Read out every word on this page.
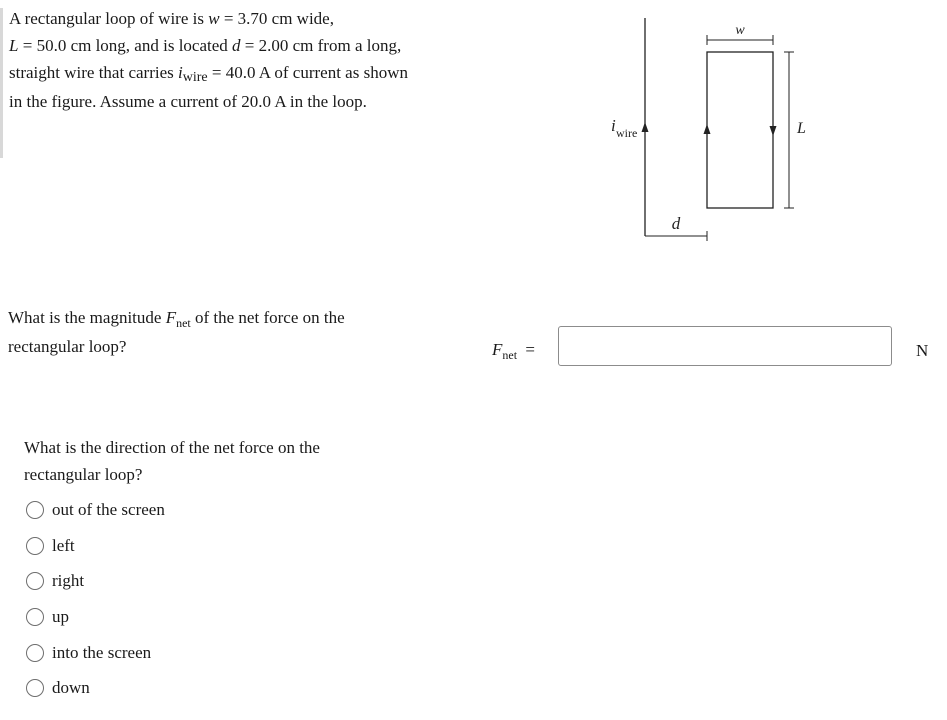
A rectangular loop of wire is w = 3.70 cm wide,
L = 50.0 cm long, and is located d = 2.00 cm from a long,
straight wire that carries iwire = 40.0 A of current as shown
in the figure. Assume a current of 20.0 A in the loop.
i wire
w
L
d
What is the magnitude $F_{net}$ of the net force on the
rectangular loop?	$F_{net}$ =	N
What is the direction of the net force on the
rectangular loop?
out of the screen
left
right
up
into the screen
down
